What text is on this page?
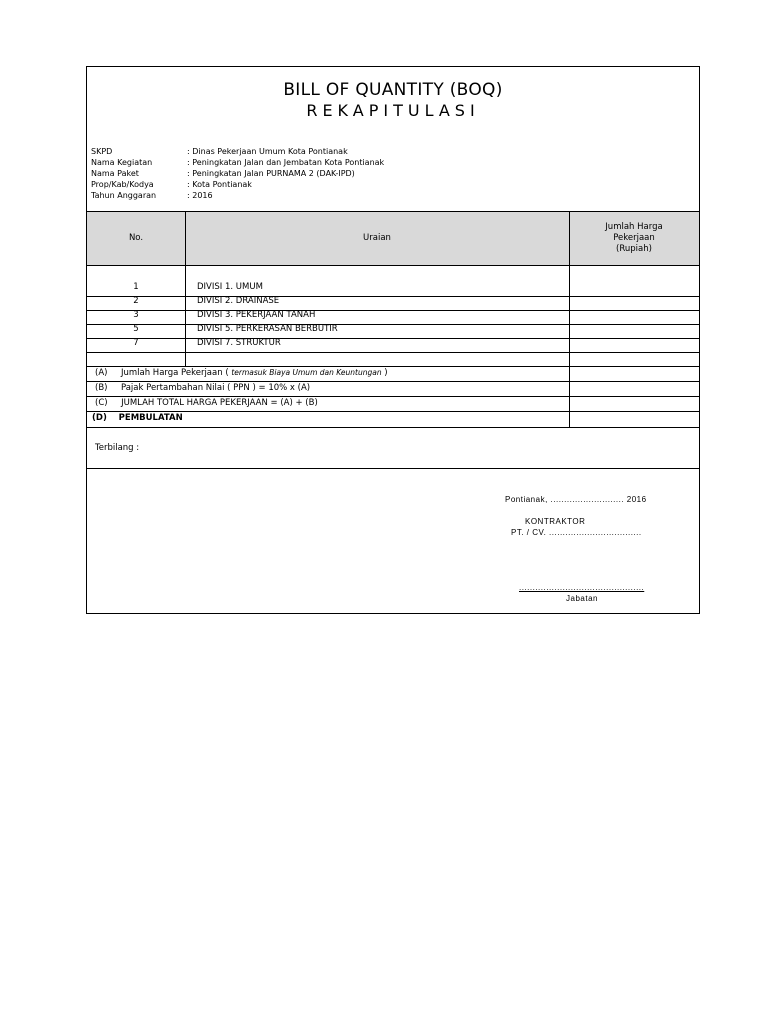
BILL OF QUANTITY (BOQ)
REKAPITULASI
SKPD	: Dinas Pekerjaan Umum Kota Pontianak
Nama Kegiatan	: Peningkatan Jalan dan Jembatan Kota Pontianak
Nama Paket	: Peningkatan Jalan PURNAMA 2 (DAK-IPD)
Prop/Kab/Kodya	: Kota Pontianak
Tahun Anggaran	: 2016
No.	Uraian
Jumlah Harga
Pekerjaan
(Rupiah)
1	DIVISI 1. UMUM
2	DIVISI 2. DRAINASE
3	DIVISI 3. PEKERJAAN TANAH
5	DIVISI 5. PERKERASAN BERBUTIR
7	DIVISI 7. STRUKTUR
(A) Jumlah Harga Pekerjaan ( termasuk Biaya Umum dan Keuntungan )
(B) Pajak Pertambahan Nilai ( PPN ) = 10% x (A)
(C) JUMLAH TOTAL HARGA PEKERJAAN = (A) + (B)
(D) PEMBULATAN
Terbilang :
Pontianak, ........................... 2016
KONTRAKTOR
PT. / CV. ..................................
..............................................
Jabatan
